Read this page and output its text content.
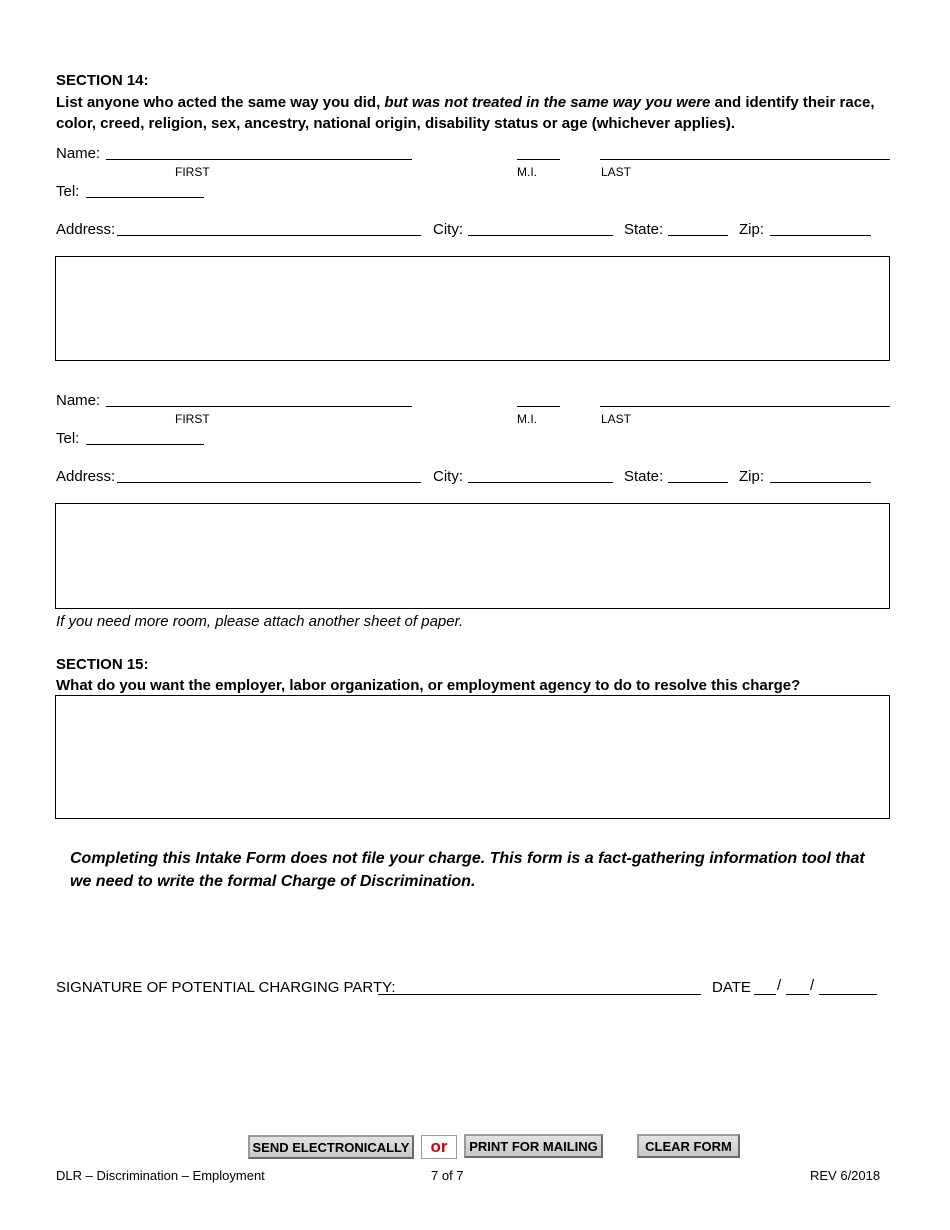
SECTION 14:
List anyone who acted the same way you did, but was not treated in the same way you were and identify their race,
color, creed, religion, sex, ancestry, national origin, disability status or age (whichever applies).
Name:
FIRST	M.I.	LAST
Tel:
Address:	City:	State:	Zip:
Name:
FIRST	M.I.	LAST
Tel:
Address:	City:	State:	Zip:
If you need more room, please attach another sheet of paper.
SECTION 15:
What do you want the employer, labor organization, or employment agency to do to resolve this charge?
Completing this Intake Form does not file your charge. This form is a fact-gathering information tool that we need to write the formal Charge of Discrimination.
SIGNATURE OF POTENTIAL CHARGING PARTY:	DATE / /
SEND ELECTRONICALLY	or	PRINT FOR MAILING	CLEAR FORM
DLR – Discrimination – Employment	7 of 7	REV 6/2018
